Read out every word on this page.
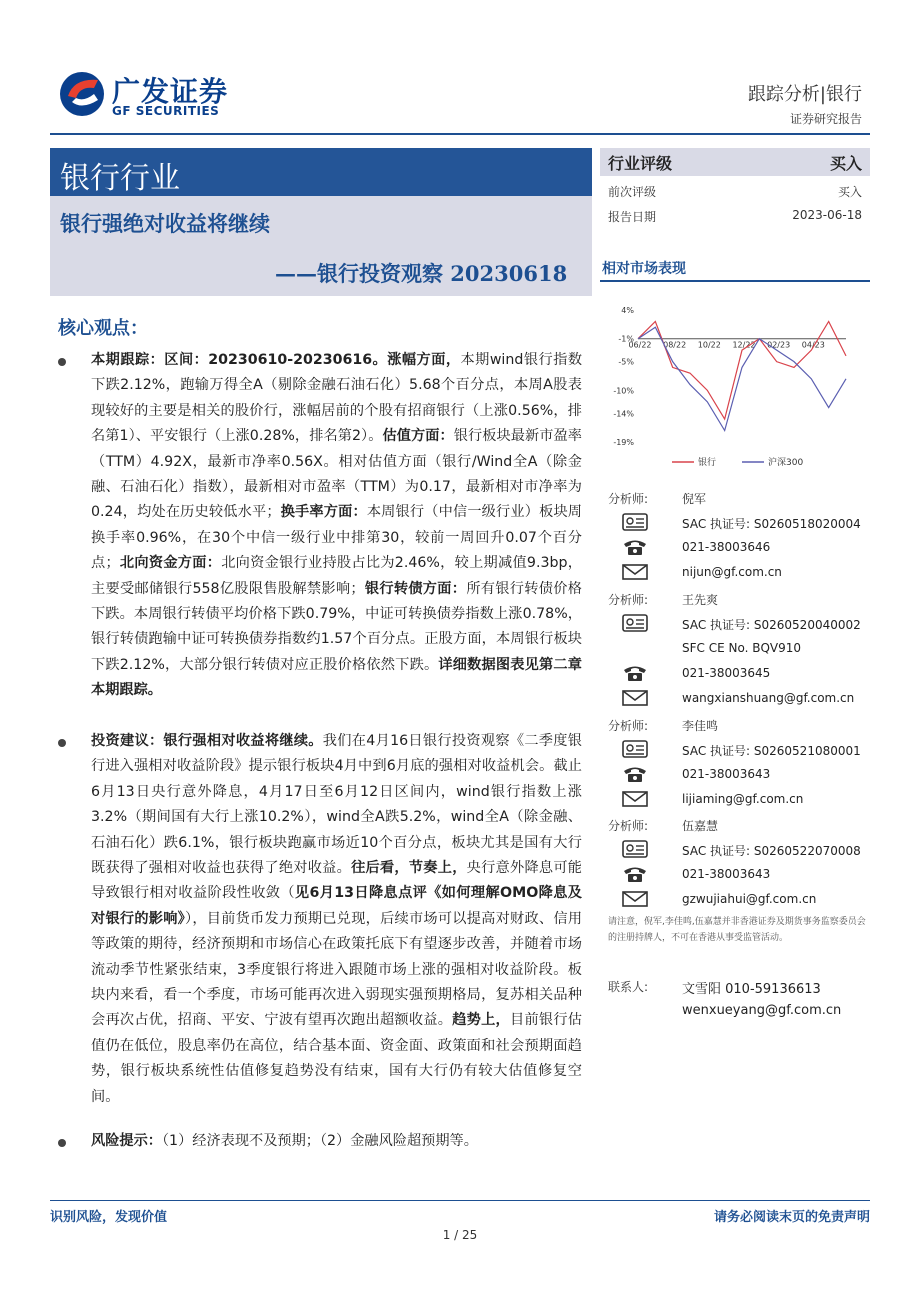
广发证券
GF SECURITIES
跟踪分析|银行
证券研究报告
银行行业
银行强绝对收益将继续
——银行投资观察 20230618
行业评级	买入
前次评级	买入
报告日期	2023-06-18
相对市场表现
4%
-1%
-5%
-10%
-14%
-19%
06/22 08/22 10/22 12/22 02/23 04/23
银行	沪深300
分析师:	倪军
SAC 执证号: S0260518020004
021-38003646
nijun@gf.com.cn
分析师:	王先爽
SAC 执证号: S0260520040002
SFC CE No. BQV910
021-38003645
wangxianshuang@gf.com.cn
分析师:	李佳鸣
SAC 执证号: S0260521080001
021-38003643
lijiaming@gf.com.cn
分析师:	伍嘉慧
SAC 执证号: S0260522070008
021-38003643
gzwujiahui@gf.com.cn
请注意，倪军,李佳鸣,伍嘉慧并非香港证券及期货事务监察委员会的注册持牌人，不可在香港从事受监管活动。
联系人:	文雪阳 010-59136613
wenxueyang@gf.com.cn
核心观点：
本期跟踪：区间：20230610-20230616。涨幅方面，本期wind银行指数下跌2.12%，跑输万得全A（剔除金融石油石化）5.68个百分点，本周A股表现较好的主要是相关的股价行，涨幅居前的个股有招商银行（上涨0.56%，排名第1）、平安银行（上涨0.28%，排名第2）。估值方面：银行板块最新市盈率（TTM）4.92X，最新市净率0.56X。相对估值方面（银行/Wind全A（除金融、石油石化）指数），最新相对市盈率（TTM）为0.17，最新相对市净率为0.24，均处在历史较低水平；换手率方面：本周银行（中信一级行业）板块周换手率0.96%，在30个中信一级行业中排第30，较前一周回升0.07个百分点；北向资金方面：北向资金银行业持股占比为2.46%，较上期减值9.3bp，主要受邮储银行558亿股限售股解禁影响；银行转债方面：所有银行转债价格下跌。本周银行转债平均价格下跌0.79%，中证可转换债券指数上涨0.78%，银行转债跑输中证可转换债券指数约1.57个百分点。正股方面，本周银行板块下跌2.12%，大部分银行转债对应正股价格依然下跌。详细数据图表见第二章本期跟踪。
投资建议：银行强相对收益将继续。我们在4月16日银行投资观察《二季度银行进入强相对收益阶段》提示银行板块4月中到6月底的强相对收益机会。截止6月13日央行意外降息，4月17日至6月12日区间内，wind银行指数上涨3.2%（期间国有大行上涨10.2%），wind全A跌5.2%，wind全A（除金融、石油石化）跌6.1%，银行板块跑赢市场近10个百分点，板块尤其是国有大行既获得了强相对收益也获得了绝对收益。往后看，节奏上，央行意外降息可能导致银行相对收益阶段性收敛（见6月13日降息点评《如何理解OMO降息及对银行的影响》），目前货币发力预期已兑现，后续市场可以提高对财政、信用等政策的期待，经济预期和市场信心在政策托底下有望逐步改善，并随着市场流动季节性紧张结束，3季度银行将进入跟随市场上涨的强相对收益阶段。板块内来看，看一个季度，市场可能再次进入弱现实强预期格局，复苏相关品种会再次占优，招商、平安、宁波有望再次跑出超额收益。趋势上，目前银行估值仍在低位，股息率仍在高位，结合基本面、资金面、政策面和社会预期面趋势，银行板块系统性估值修复趋势没有结束，国有大行仍有较大估值修复空间。
风险提示：（1）经济表现不及预期；（2）金融风险超预期等。
识别风险，发现价值	请务必阅读末页的免责声明
1 / 25
